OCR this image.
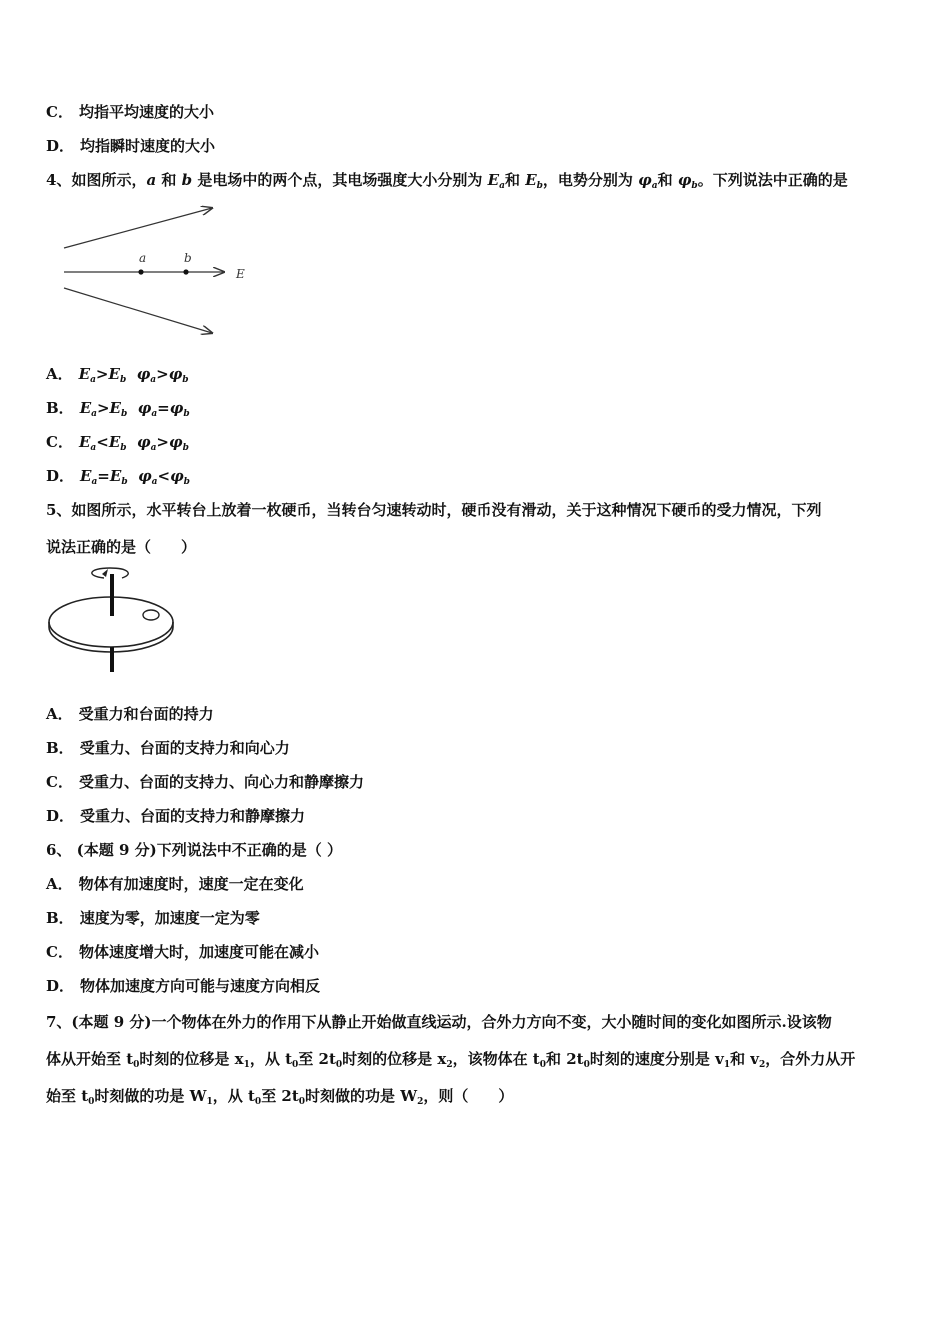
C． 均指平均速度的大小
D． 均指瞬时速度的大小
4、如图所示，a 和 b 是电场中的两个点，其电场强度大小分别为 $E_a$和 $E_b$，电势分别为 $\varphi_a$和 $\varphi_b$。下列说法中正确的是
a	b
E
A． $E_a>E_b$ $\varphi_a>\varphi_b$
B． $E_a>E_b$ $\varphi_a=\varphi_b$
C． $E_a<E_b$ $\varphi_a>\varphi_b$
D． $E_a=E_b$ $\varphi_a<\varphi_b$
5、如图所示，水平转台上放着一枚硬币，当转台匀速转动时，硬币没有滑动，关于这种情况下硬币的受力情况，下列
说法正确的是（　　）
A． 受重力和台面的持力
B． 受重力、台面的支持力和向心力
C． 受重力、台面的支持力、向心力和静摩擦力
D． 受重力、台面的支持力和静摩擦力
6、 (本题 9 分)下列说法中不正确的是（ ）
A． 物体有加速度时，速度一定在变化
B． 速度为零，加速度一定为零
C． 物体速度增大时，加速度可能在减小
D． 物体加速度方向可能与速度方向相反
7、(本题 9 分)一个物体在外力的作用下从静止开始做直线运动，合外力方向不变，大小随时间的变化如图所示.设该物
体从开始至 $t_0$时刻的位移是 $x_1$，从 $t_0$至 $2t_0$时刻的位移是 $x_2$，该物体在 $t_0$和 $2t_0$时刻的速度分别是 $v_1$和 $v_2$，合外力从开
始至 $t_0$时刻做的功是 $W_1$，从 $t_0$至 $2t_0$时刻做的功是 $W_2$，则（　　）
